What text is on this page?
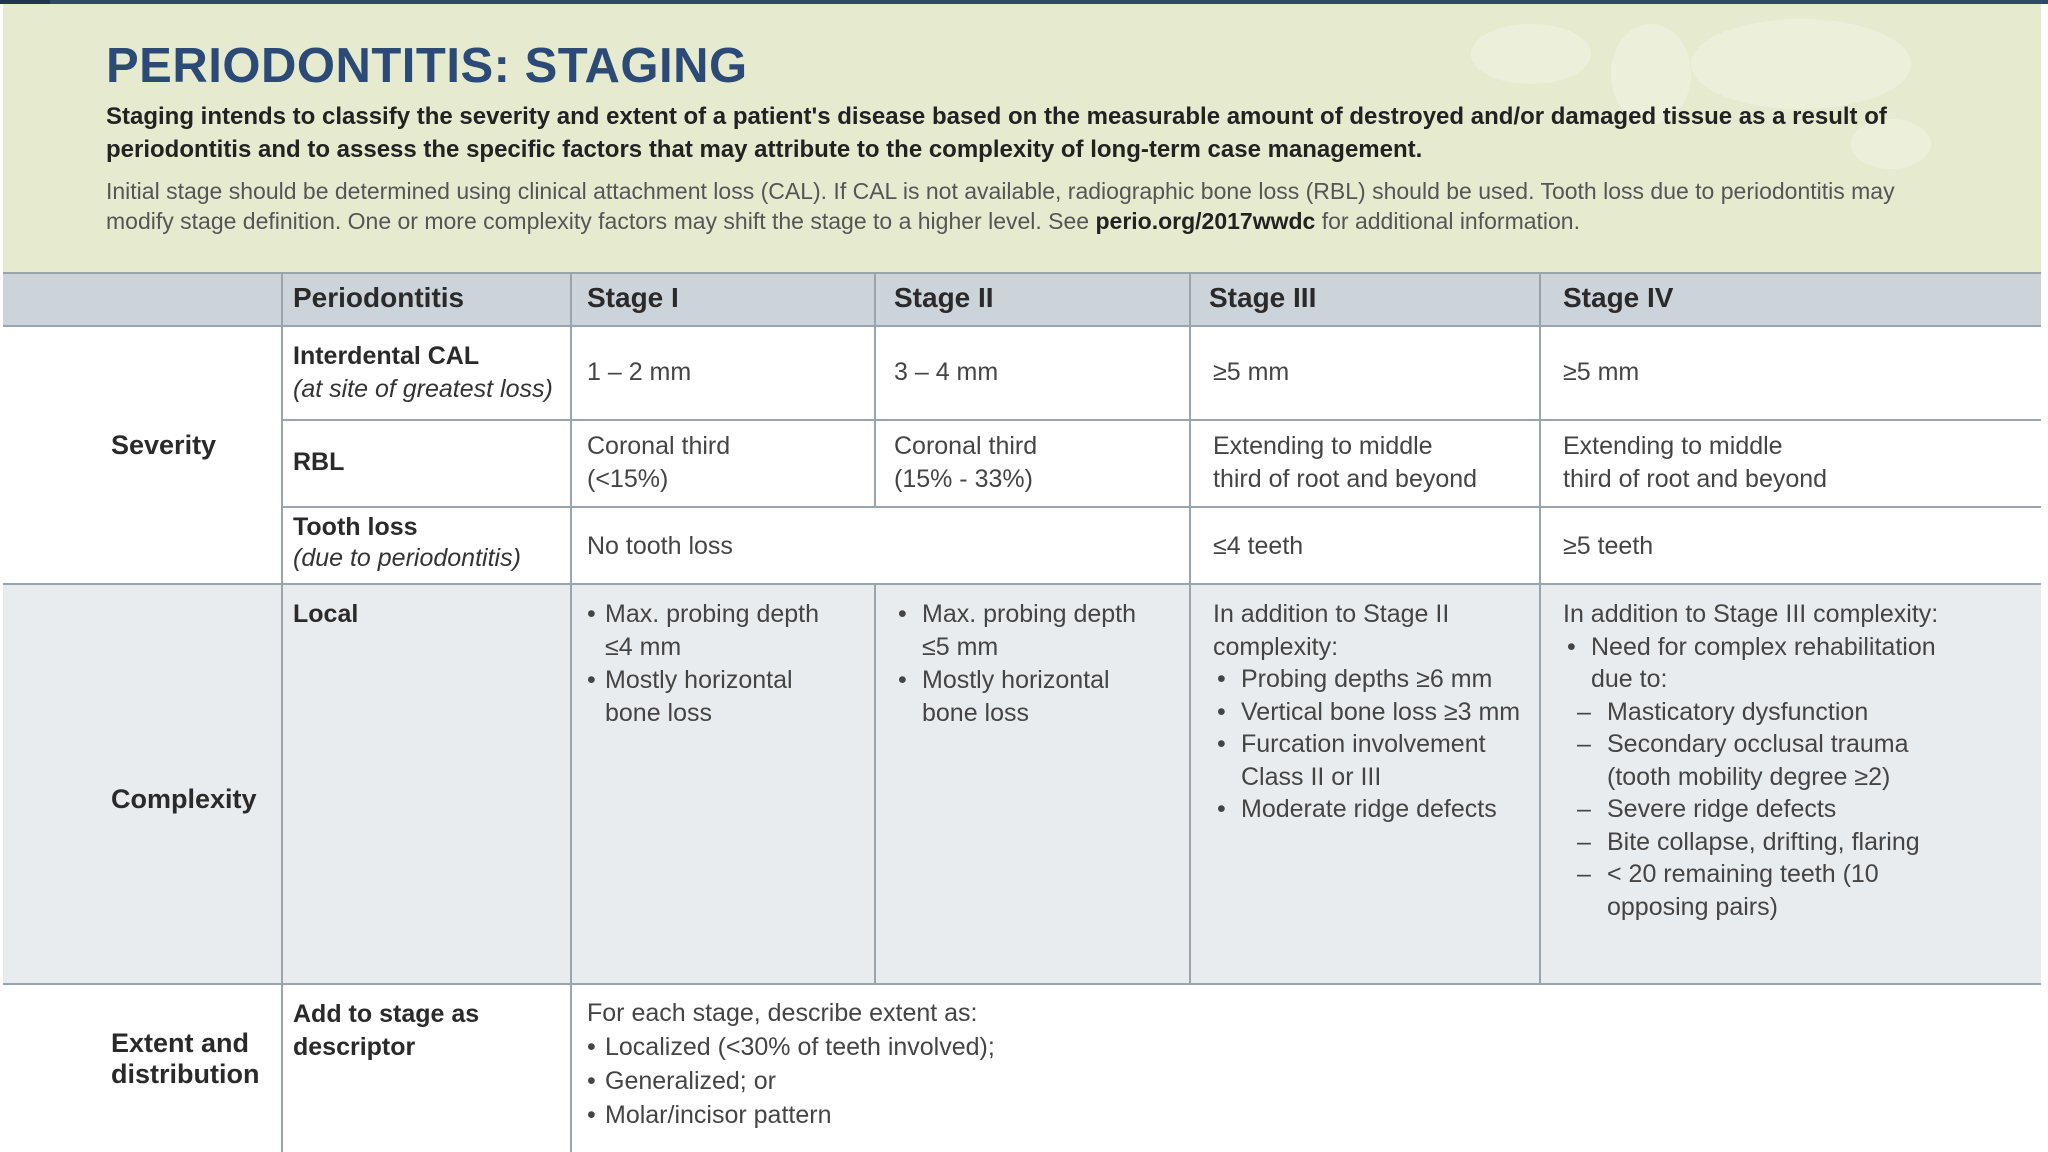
PERIODONTITIS: STAGING
Staging intends to classify the severity and extent of a patient's disease based on the measurable amount of destroyed and/or damaged tissue as a result of periodontitis and to assess the specific factors that may attribute to the complexity of long-term case management.
Initial stage should be determined using clinical attachment loss (CAL). If CAL is not available, radiographic bone loss (RBL) should be used. Tooth loss due to periodontitis may modify stage definition. One or more complexity factors may shift the stage to a higher level. See perio.org/2017wwdc for additional information.
Periodontitis	Stage I	Stage II	Stage III	Stage IV
Severity
Complexity
Extent and distribution
Interdental CAL
(at site of greatest loss)
1 – 2 mm	3 – 4 mm	≥5 mm	≥5 mm
RBL
Coronal third
(<15%)
Coronal third
(15% - 33%)
Extending to middle
third of root and beyond
Extending to middle
third of root and beyond
Tooth loss
(due to periodontitis)	No tooth loss	≤4 teeth	≥5 teeth
Local
•	Max. probing depth ≤4 mm
• Mostly horizontal bone loss
• Max. probing depth ≤5 mm
• Mostly horizontal bone loss
In addition to Stage II complexity:
• Probing depths ≥6 mm
• Vertical bone loss ≥3 mm
• Furcation involvement Class II or III
• Moderate ridge defects
In addition to Stage III complexity:
• Need for complex rehabilitation due to:
– Masticatory dysfunction
– Secondary occlusal trauma (tooth mobility degree ≥2)
– Severe ridge defects
– Bite collapse, drifting, flaring
– < 20 remaining teeth (10 opposing pairs)
Add to stage as descriptor
For each stage, describe extent as:
• Localized (<30% of teeth involved);
• Generalized; or
• Molar/incisor pattern
